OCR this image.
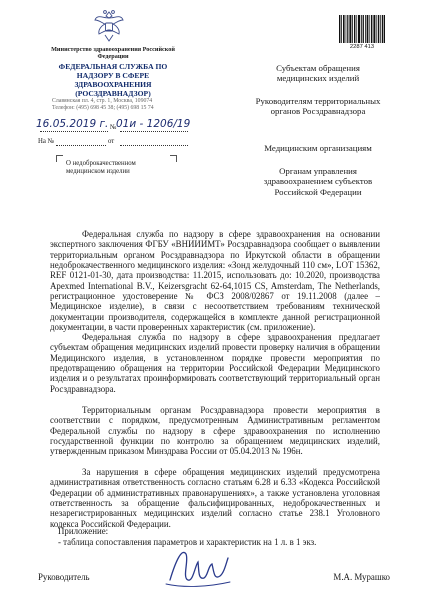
Министерство здравоохранения Российской Федерации
ФЕДЕРАЛЬНАЯ СЛУЖБА ПО НАДЗОРУ В СФЕРЕ ЗДРАВООХРАНЕНИЯ (РОСЗДРАВНАДЗОР)
Славянская пл. 4, стр. 1, Москва, 109074
Телефон: (495) 698 45 38; (495) 698 15 74
16.05.2019 г. № 01и - 1206/19
На №	от
О недоброкачественном медицинском изделии
2287 413
Субъектам обращения медицинских изделий
Руководителям территориальных органов Росздравнадзора
Медицинским организациям
Органам управления здравоохранением субъектов Российской Федерации

Федеральная служба по надзору в сфере здравоохранения на основании экспертного заключения ФГБУ «ВНИИИМТ» Росздравнадзора сообщает о выявлении территориальным органом Росздравнадзора по Иркутской области в обращении недоброкачественного медицинского изделия: «Зонд желудочный 110 см», LOT 15362, REF 0121-01-30, дата производства: 11.2015, использовать до: 10.2020, производства Apexmed International B.V., Keizersgracht 62-64,1015 CS, Amsterdam, The Netherlands, регистрационное удостоверение № ФСЗ 2008/02867 от 19.11.2008 (далее – Медицинское изделие), в связи с несоответствием требованиям технической документации производителя, содержащейся в комплекте данной регистрационной документации, в части проверенных характеристик (см. приложение).

Федеральная служба по надзору в сфере здравоохранения предлагает субъектам обращения медицинских изделий провести проверку наличия в обращении Медицинского изделия, в установленном порядке провести мероприятия по предотвращению обращения на территории Российской Федерации Медицинского изделия и о результатах проинформировать соответствующий территориальный орган Росздравнадзора.

Территориальным органам Росздравнадзора провести мероприятия в соответствии с порядком, предусмотренным Административным регламентом Федеральной службы по надзору в сфере здравоохранения по исполнению государственной функции по контролю за обращением медицинских изделий, утвержденным приказом Минздрава России от 05.04.2013 № 196н.

За нарушения в сфере обращения медицинских изделий предусмотрена административная ответственность согласно статьям 6.28 и 6.33 «Кодекса Российской Федерации об административных правонарушениях», а также установлена уголовная ответственность за обращение фальсифицированных, недоброкачественных и незарегистрированных медицинских изделий согласно статье 238.1 Уголовного кодекса Российской Федерации.

Приложение:
- таблица сопоставления параметров и характеристик на 1 л. в 1 экз.
Руководитель	М.А. Мурашко
